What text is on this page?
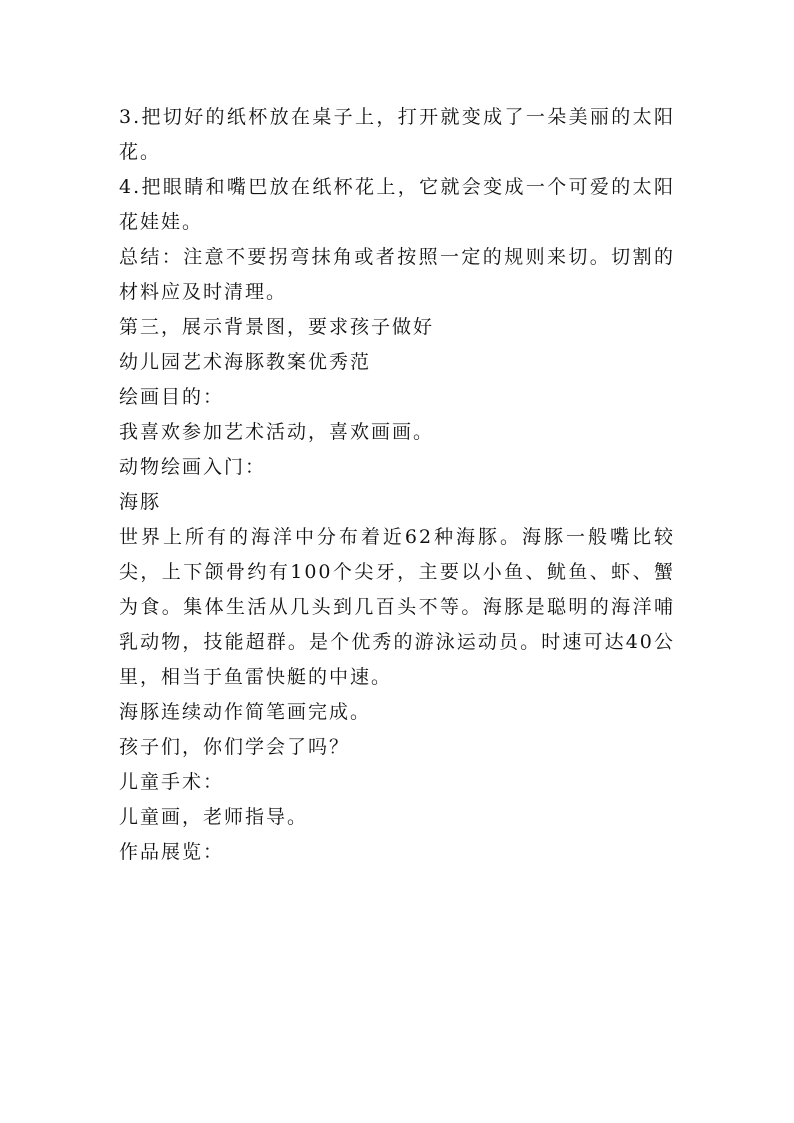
3.把切好的纸杯放在桌子上，打开就变成了一朵美丽的太阳花。

4.把眼睛和嘴巴放在纸杯花上，它就会变成一个可爱的太阳花娃娃。

总结：注意不要拐弯抹角或者按照一定的规则来切。切割的材料应及时清理。

第三，展示背景图，要求孩子做好

幼儿园艺术海豚教案优秀范

绘画目的：

我喜欢参加艺术活动，喜欢画画。

动物绘画入门：

海豚

世界上所有的海洋中分布着近62种海豚。海豚一般嘴比较尖，上下颌骨约有100个尖牙，主要以小鱼、鱿鱼、虾、蟹为食。集体生活从几头到几百头不等。海豚是聪明的海洋哺乳动物，技能超群。是个优秀的游泳运动员。时速可达40公里，相当于鱼雷快艇的中速。

海豚连续动作简笔画完成。

孩子们，你们学会了吗？

儿童手术：

儿童画，老师指导。

作品展览：
